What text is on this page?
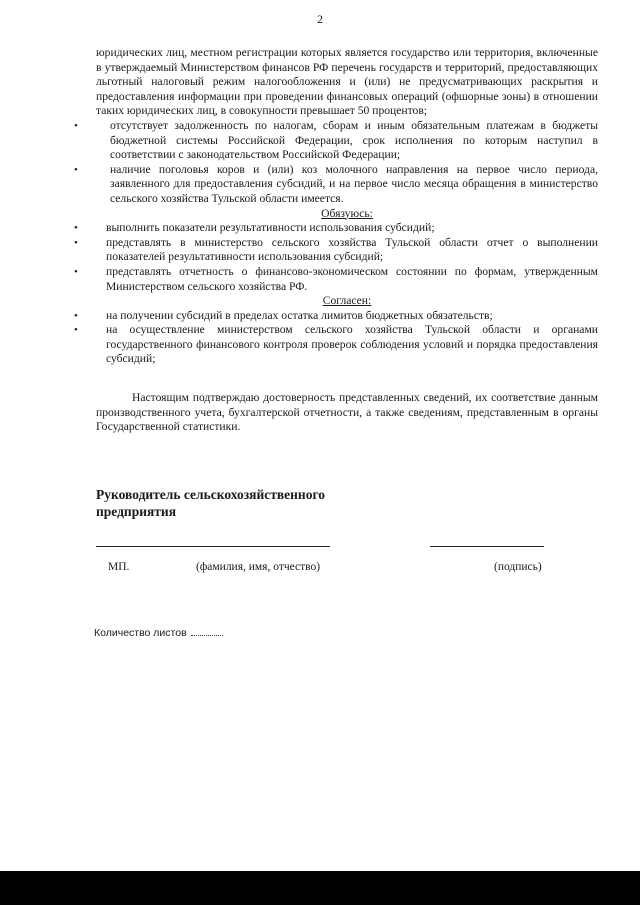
2

юридических лиц, местном регистрации которых является государство или территория, включенные в утверждаемый Министерством финансов РФ перечень государств и территорий, предоставляющих льготный налоговый режим налогообложения и (или) не предусматривающих раскрытия и предоставления информации при проведении финансовых операций (офшорные зоны) в отношении таких юридических лиц, в совокупности превышает 50 процентов;

•	отсутствует задолженность по налогам, сборам и иным обязательным платежам в бюджеты бюджетной системы Российской Федерации, срок исполнения по которым наступил в соответствии с законодательством Российской Федерации;
•	наличие поголовья коров и (или) коз молочного направления на первое число периода, заявленного для предоставления субсидий, и на первое число месяца обращения в министерство сельского хозяйства Тульской области имеется.

Обязуюсь:

• выполнить показатели результативности использования субсидий;
• представлять в министерство сельского хозяйства Тульской области отчет о выполнении показателей результативности использования субсидий;
• представлять отчетность о финансово-экономическом состоянии по формам, утвержденным Министерством сельского хозяйства РФ.

Согласен:

• на получении субсидий в пределах остатка лимитов бюджетных обязательств;
• на осуществление министерством сельского хозяйства Тульской области и органами государственного финансового контроля проверок соблюдения условий и порядка предоставления субсидий;

Настоящим подтверждаю достоверность представленных сведений, их соответствие данным производственного учета, бухгалтерской отчетности, а также сведениям, представленным в органы Государственной статистики.

Руководитель сельскохозяйственного
предприятия
МП.	(фамилия, имя, отчество)	(подпись)
Количество листов
